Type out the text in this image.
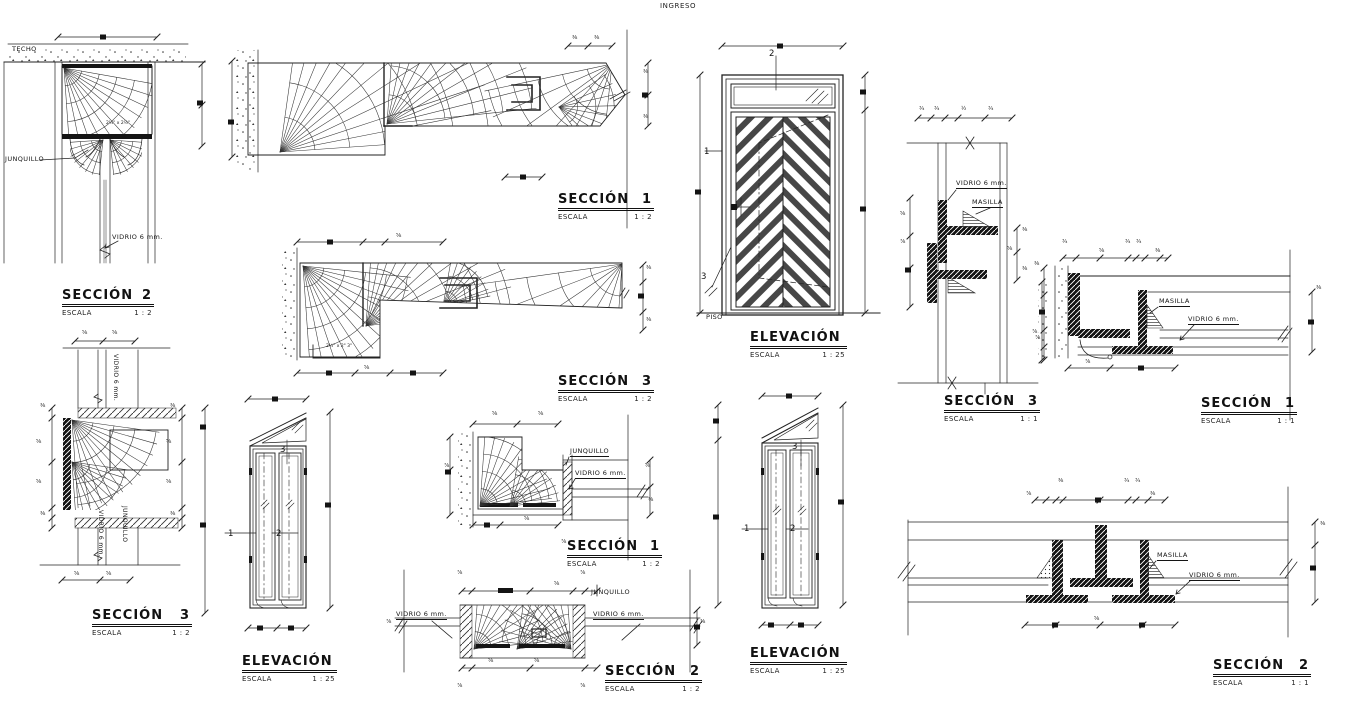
TECHO
JUNQUILLO
VIDRIO 6 mm.
2½" x 2½"
2½" x 2" 3"
2
1
3
PISO
VIDRIO 6 mm.
MASILLA
MASILLA
VIDRIO 6 mm.
MASILLA
VIDRIO 6 mm.
VIDRIO 6 mm.
VIDRIO 6 mm.	JUNQUILLO
JUNQUILLO
VIDRIO 6 mm.
VIDRIO 6 mm.
JUNQUILLO
VIDRIO 6 mm.
3
1	2
3
1	2
⅜	⅜
⅜
⅜
⅝
⅝
⅜
⅜
¾ ¾	½	¾
⅝
⅞
⅜
⅝
⅜
⅞
¾
⅝
¾ ¾
⅜
⅜
⅞
⅞
⅜
⅜	¾ ¾
⅜
⅜
⅝
⅞
⅝	⅝
⅜
⅝
⅝
⅜
⅜
⅝
⅝
⅜
⅝	⅝
⅝	⅝
⅝
⅜
⅝
⅞
⅞
⅞	⅞
⅝
⅝	⅝
⅞	⅞
⅞	⅞
INGRESO
SECCIÓN 2
ESCALA	1 : 2
SECCIÓN 1
ESCALA	1 : 2
SECCIÓN 3
ESCALA	1 : 2
ELEVACIÓN
ESCALA	1 : 25
SECCIÓN 3
ESCALA	1 : 1
SECCIÓN 1
ESCALA	1 : 1
SECCIÓN 2
ESCALA	1 : 1
SECCIÓN 3
ESCALA	1 : 2
ELEVACIÓN
ESCALA	1 : 25
SECCIÓN 1
ESCALA	1 : 2
SECCIÓN 2
ESCALA	1 : 2
ELEVACIÓN
ESCALA	1 : 25
